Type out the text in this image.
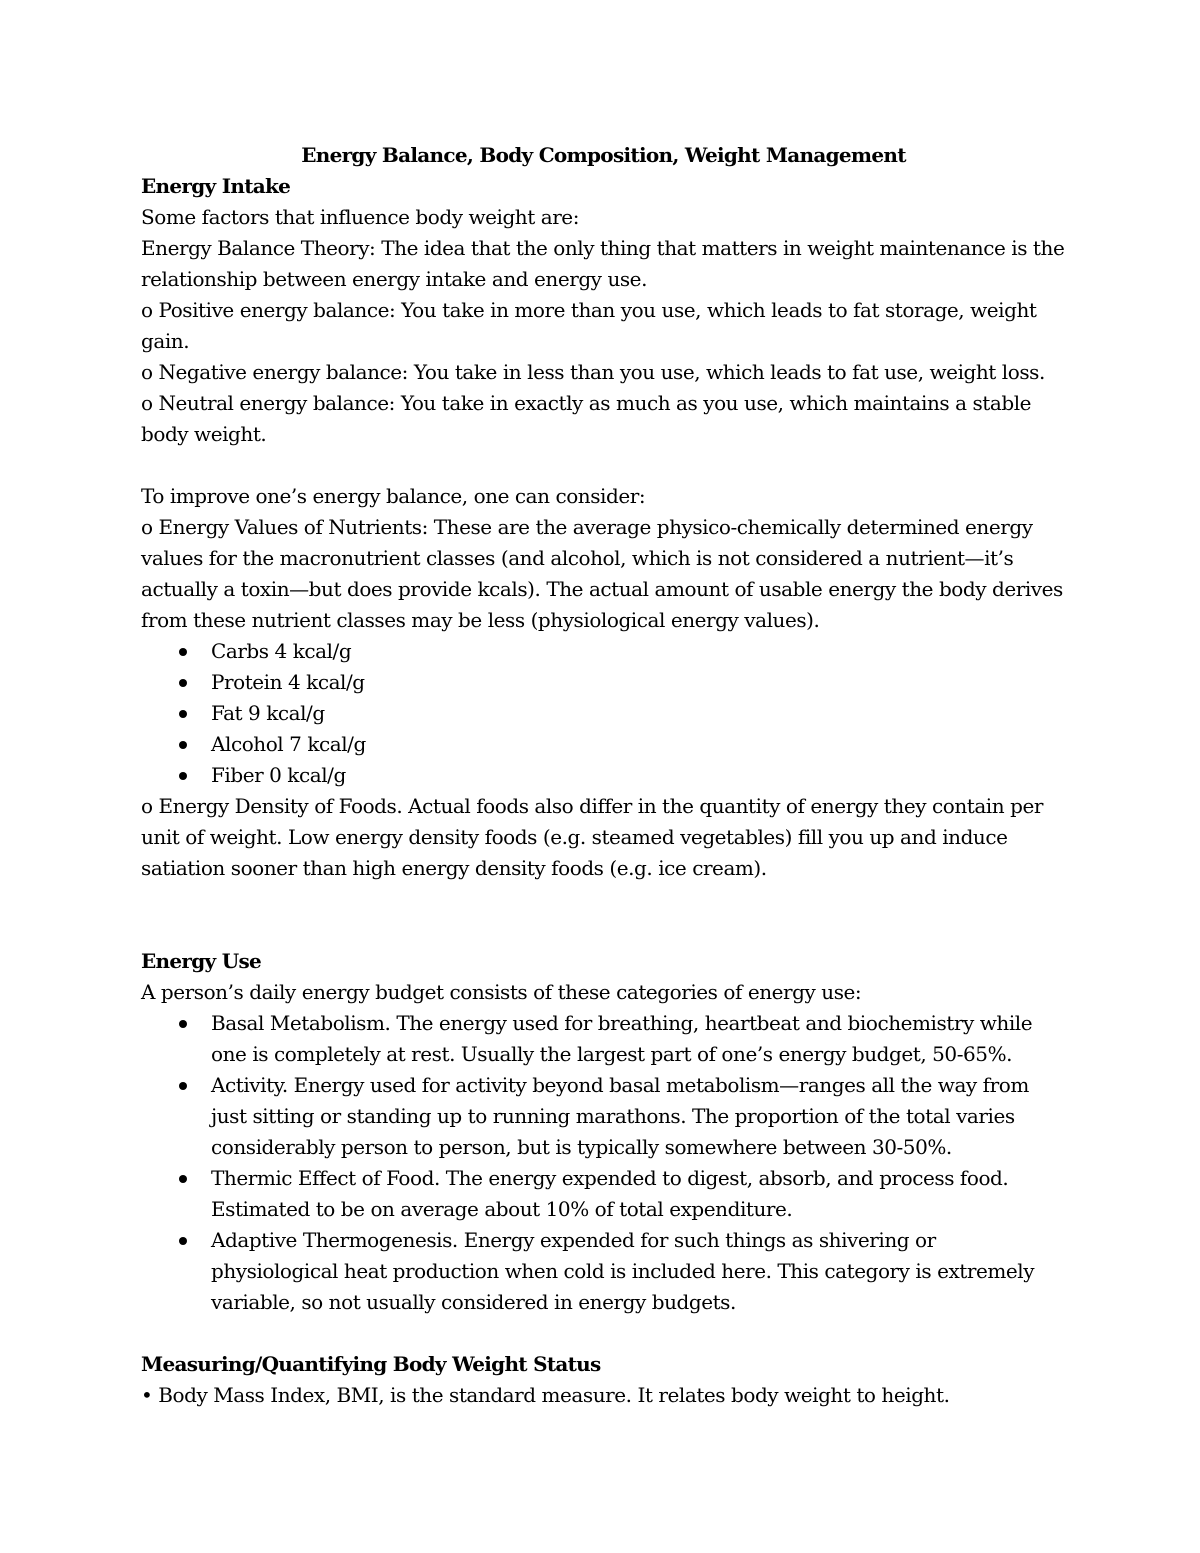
Energy Balance, Body Composition, Weight Management

Energy Intake

Some factors that influence body weight are:

Energy Balance Theory: The idea that the only thing that matters in weight maintenance is the relationship between energy intake and energy use.

o Positive energy balance: You take in more than you use, which leads to fat storage, weight gain.

o Negative energy balance: You take in less than you use, which leads to fat use, weight loss.

o Neutral energy balance: You take in exactly as much as you use, which maintains a stable body weight.

To improve one’s energy balance, one can consider:

o Energy Values of Nutrients: These are the average physico-chemically determined energy values for the macronutrient classes (and alcohol, which is not considered a nutrient—it’s actually a toxin—but does provide kcals). The actual amount of usable energy the body derives from these nutrient classes may be less (physiological energy values).

Carbs 4 kcal/g
Protein 4 kcal/g
Fat 9 kcal/g
Alcohol 7 kcal/g
Fiber 0 kcal/g

o Energy Density of Foods. Actual foods also differ in the quantity of energy they contain per unit of weight. Low energy density foods (e.g. steamed vegetables) fill you up and induce satiation sooner than high energy density foods (e.g. ice cream).

Energy Use

A person’s daily energy budget consists of these categories of energy use:

Basal Metabolism. The energy used for breathing, heartbeat and biochemistry while one is completely at rest. Usually the largest part of one’s energy budget, 50-65%.
Activity. Energy used for activity beyond basal metabolism—ranges all the way from just sitting or standing up to running marathons. The proportion of the total varies considerably person to person, but is typically somewhere between 30-50%.
Thermic Effect of Food. The energy expended to digest, absorb, and process food. Estimated to be on average about 10% of total expenditure.
Adaptive Thermogenesis. Energy expended for such things as shivering or physiological heat production when cold is included here. This category is extremely variable, so not usually considered in energy budgets.

Measuring/Quantifying Body Weight Status

• Body Mass Index, BMI, is the standard measure. It relates body weight to height.
